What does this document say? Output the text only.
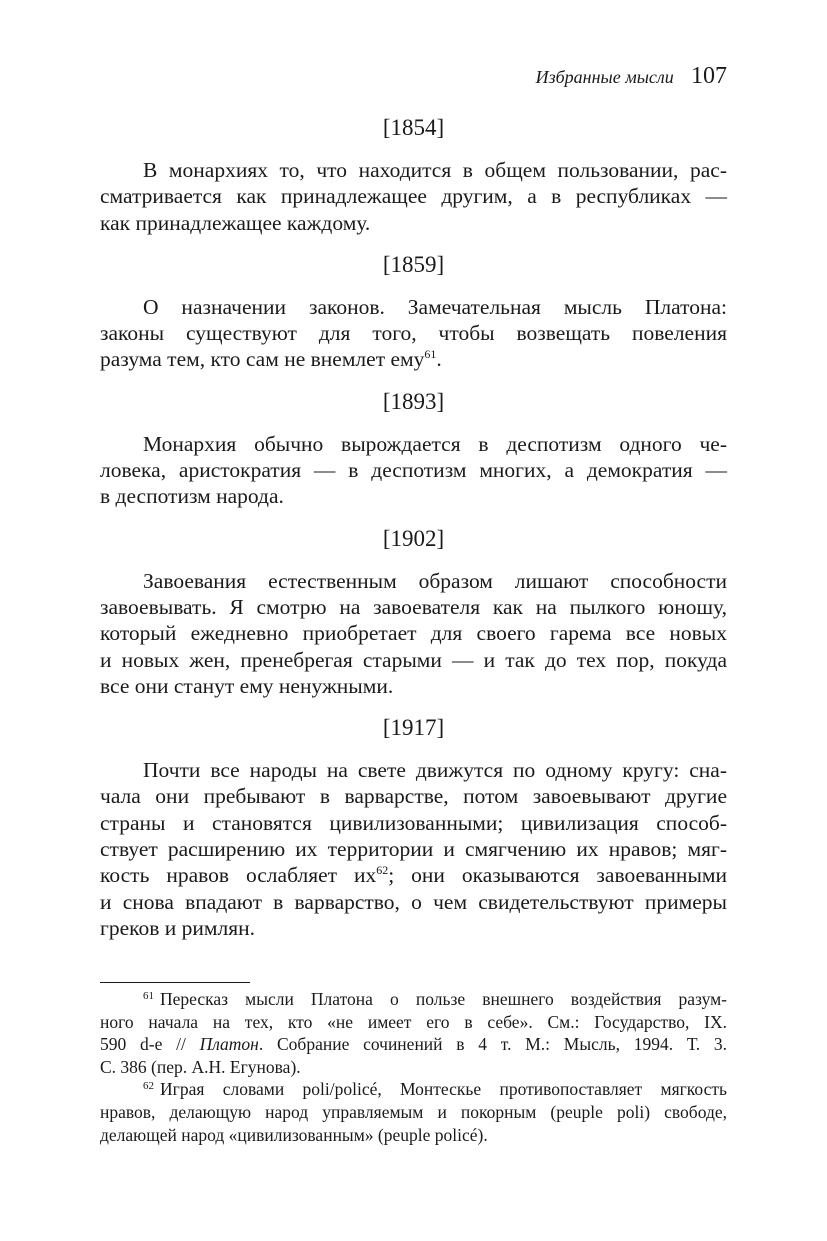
Избранные мысли 107
[1854]

В монархиях то, что находится в общем пользовании, рас-
сматривается как принадлежащее другим, а в республиках —
как принадлежащее каждому.

[1859]

О назначении законов. Замечательная мысль Платона:
законы существуют для того, чтобы возвещать повеления
разума тем, кто сам не внемлет ему$^{61}$.

[1893]

Монархия обычно вырождается в деспотизм одного че-
ловека, аристократия — в деспотизм многих, а демократия —
в деспотизм народа.

[1902]

Завоевания естественным образом лишают способности
завоевывать. Я смотрю на завоевателя как на пылкого юношу,
который ежедневно приобретает для своего гарема все новых
и новых жен, пренебрегая старыми — и так до тех пор, покуда
все они станут ему ненужными.

[1917]

Почти все народы на свете движутся по одному кругу: сна-
чала они пребывают в варварстве, потом завоевывают другие
страны и становятся цивилизованными; цивилизация способ-
ствует расширению их территории и смягчению их нравов; мяг-
кость нравов ослабляет их$^{62}$; они оказываются завоеванными
и снова впадают в варварство, о чем свидетельствуют примеры
греков и римлян.

$^{61}$ Пересказ мысли Платона о пользе внешнего воздействия разум-
ного начала на тех, кто «не имеет его в себе». См.: Государство, IX.
590 d-e // Платон. Собрание сочинений в 4 т. М.: Мысль, 1994. Т. 3.
С. 386 (пер. А.Н. Егунова).
$^{62}$ Играя словами poli/policé, Монтескье противопоставляет мягкость
нравов, делающую народ управляемым и покорным (peuple poli) свободе,
делающей народ «цивилизованным» (peuple policé).
